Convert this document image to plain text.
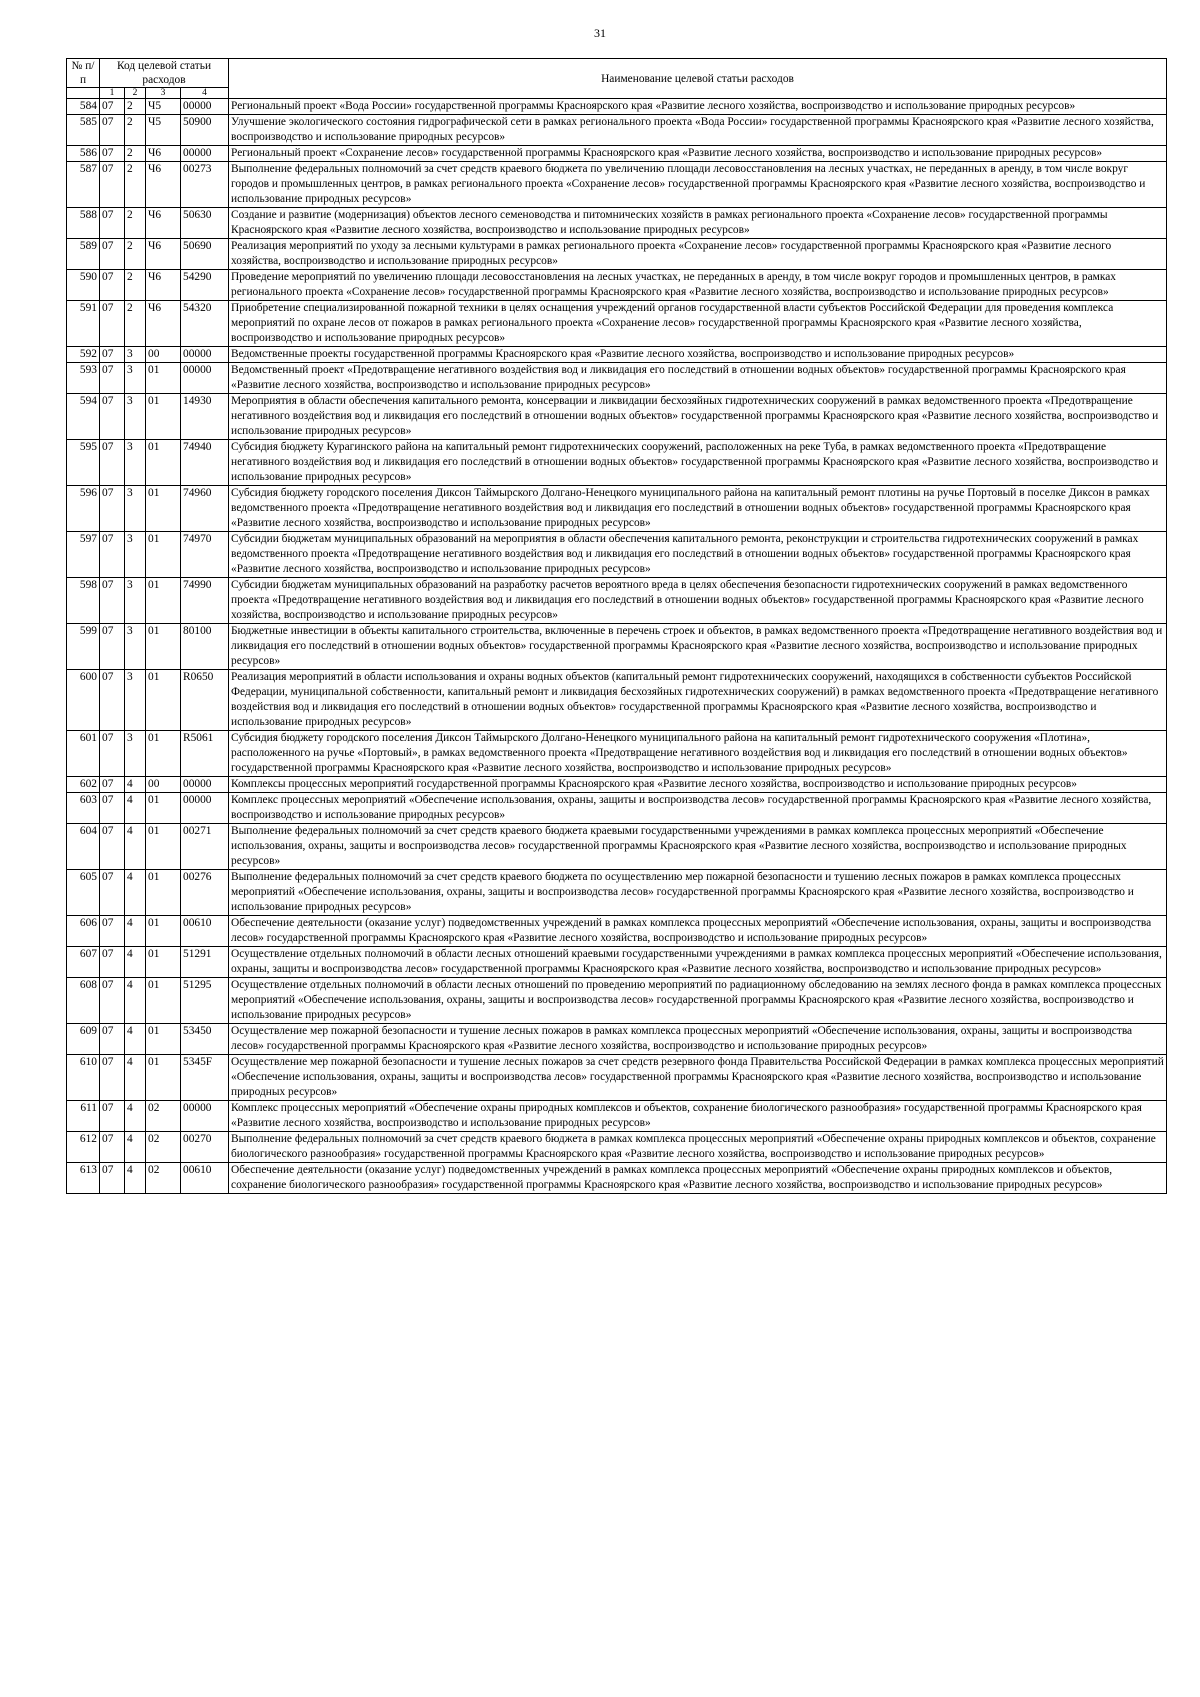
31
№ п/п	Код целевой статьи расходов				Наименование целевой статьи расходов
	1	2	3	4	
584	07	2	Ч5	00000	Региональный проект «Вода России» государственной программы Красноярского края «Развитие лесного хозяйства, воспроизводство и использование природных ресурсов»
585	07	2	Ч5	50900	Улучшение экологического состояния гидрографической сети в рамках регионального проекта «Вода России» государственной программы Красноярского края «Развитие лесного хозяйства, воспроизводство и использование природных ресурсов»
586	07	2	Ч6	00000	Региональный проект «Сохранение лесов» государственной программы Красноярского края «Развитие лесного хозяйства, воспроизводство и использование природных ресурсов»
587	07	2	Ч6	00273	Выполнение федеральных полномочий за счет средств краевого бюджета по увеличению площади лесовосстановления на лесных участках, не переданных в аренду, в том числе вокруг городов и промышленных центров, в рамках регионального проекта «Сохранение лесов» государственной программы Красноярского края «Развитие лесного хозяйства, воспроизводство и использование природных ресурсов»
588	07	2	Ч6	50630	Создание и развитие (модернизация) объектов лесного семеноводства и питомнических хозяйств в рамках регионального проекта «Сохранение лесов» государственной программы Красноярского края «Развитие лесного хозяйства, воспроизводство и использование природных ресурсов»
589	07	2	Ч6	50690	Реализация мероприятий по уходу за лесными культурами в рамках регионального проекта «Сохранение лесов» государственной программы Красноярского края «Развитие лесного хозяйства, воспроизводство и использование природных ресурсов»
590	07	2	Ч6	54290	Проведение мероприятий по увеличению площади лесовосстановления на лесных участках, не переданных в аренду, в том числе вокруг городов и промышленных центров, в рамках регионального проекта «Сохранение лесов» государственной программы Красноярского края «Развитие лесного хозяйства, воспроизводство и использование природных ресурсов»
591	07	2	Ч6	54320	Приобретение специализированной пожарной техники в целях оснащения учреждений органов государственной власти субъектов Российской Федерации для проведения комплекса мероприятий по охране лесов от пожаров в рамках регионального проекта «Сохранение лесов» государственной программы Красноярского края «Развитие лесного хозяйства, воспроизводство и использование природных ресурсов»
592	07	3	00	00000	Ведомственные проекты государственной программы Красноярского края «Развитие лесного хозяйства, воспроизводство и использование природных ресурсов»
593	07	3	01	00000	Ведомственный проект «Предотвращение негативного воздействия вод и ликвидация его последствий в отношении водных объектов» государственной программы Красноярского края «Развитие лесного хозяйства, воспроизводство и использование природных ресурсов»
594	07	3	01	14930	Мероприятия в области обеспечения капитального ремонта, консервации и ликвидации бесхозяйных гидротехнических сооружений в рамках ведомственного проекта «Предотвращение негативного воздействия вод и ликвидация его последствий в отношении водных объектов» государственной программы Красноярского края «Развитие лесного хозяйства, воспроизводство и использование природных ресурсов»
595	07	3	01	74940	Субсидия бюджету Курагинского района на капитальный ремонт гидротехнических сооружений, расположенных на реке Туба, в рамках ведомственного проекта «Предотвращение негативного воздействия вод и ликвидация его последствий в отношении водных объектов» государственной программы Красноярского края «Развитие лесного хозяйства, воспроизводство и использование природных ресурсов»
596	07	3	01	74960	Субсидия бюджету городского поселения Диксон Таймырского Долгано-Ненецкого муниципального района на капитальный ремонт плотины на ручье Портовый в поселке Диксон в рамках ведомственного проекта «Предотвращение негативного воздействия вод и ликвидация его последствий в отношении водных объектов» государственной программы Красноярского края «Развитие лесного хозяйства, воспроизводство и использование природных ресурсов»
597	07	3	01	74970	Субсидии бюджетам муниципальных образований на мероприятия в области обеспечения капитального ремонта, реконструкции и строительства гидротехнических сооружений в рамках ведомственного проекта «Предотвращение негативного воздействия вод и ликвидация его последствий в отношении водных объектов» государственной программы Красноярского края «Развитие лесного хозяйства, воспроизводство и использование природных ресурсов»
598	07	3	01	74990	Субсидии бюджетам муниципальных образований на разработку расчетов вероятного вреда в целях обеспечения безопасности гидротехнических сооружений в рамках ведомственного проекта «Предотвращение негативного воздействия вод и ликвидация его последствий в отношении водных объектов» государственной программы Красноярского края «Развитие лесного хозяйства, воспроизводство и использование природных ресурсов»
599	07	3	01	80100	Бюджетные инвестиции в объекты капитального строительства, включенные в перечень строек и объектов, в рамках ведомственного проекта «Предотвращение негативного воздействия вод и ликвидация его последствий в отношении водных объектов» государственной программы Красноярского края «Развитие лесного хозяйства, воспроизводство и использование природных ресурсов»
600	07	3	01	R0650	Реализация мероприятий в области использования и охраны водных объектов (капитальный ремонт гидротехнических сооружений, находящихся в собственности субъектов Российской Федерации, муниципальной собственности, капитальный ремонт и ликвидация бесхозяйных гидротехнических сооружений) в рамках ведомственного проекта «Предотвращение негативного воздействия вод и ликвидация его последствий в отношении водных объектов» государственной программы Красноярского края «Развитие лесного хозяйства, воспроизводство и использование природных ресурсов»
601	07	3	01	R5061	Субсидия бюджету городского поселения Диксон Таймырского Долгано-Ненецкого муниципального района на капитальный ремонт гидротехнического сооружения «Плотина», расположенного на ручье «Портовый», в рамках ведомственного проекта «Предотвращение негативного воздействия вод и ликвидация его последствий в отношении водных объектов» государственной программы Красноярского края «Развитие лесного хозяйства, воспроизводство и использование природных ресурсов»
602	07	4	00	00000	Комплексы процессных мероприятий государственной программы Красноярского края «Развитие лесного хозяйства, воспроизводство и использование природных ресурсов»
603	07	4	01	00000	Комплекс процессных мероприятий «Обеспечение использования, охраны, защиты и воспроизводства лесов» государственной программы Красноярского края «Развитие лесного хозяйства, воспроизводство и использование природных ресурсов»
604	07	4	01	00271	Выполнение федеральных полномочий за счет средств краевого бюджета краевыми государственными учреждениями в рамках комплекса процессных мероприятий «Обеспечение использования, охраны, защиты и воспроизводства лесов» государственной программы Красноярского края «Развитие лесного хозяйства, воспроизводство и использование природных ресурсов»
605	07	4	01	00276	Выполнение федеральных полномочий за счет средств краевого бюджета по осуществлению мер пожарной безопасности и тушению лесных пожаров в рамках комплекса процессных мероприятий «Обеспечение использования, охраны, защиты и воспроизводства лесов» государственной программы Красноярского края «Развитие лесного хозяйства, воспроизводство и использование природных ресурсов»
606	07	4	01	00610	Обеспечение деятельности (оказание услуг) подведомственных учреждений в рамках комплекса процессных мероприятий «Обеспечение использования, охраны, защиты и воспроизводства лесов» государственной программы Красноярского края «Развитие лесного хозяйства, воспроизводство и использование природных ресурсов»
607	07	4	01	51291	Осуществление отдельных полномочий в области лесных отношений краевыми государственными учреждениями в рамках комплекса процессных мероприятий «Обеспечение использования, охраны, защиты и воспроизводства лесов» государственной программы Красноярского края «Развитие лесного хозяйства, воспроизводство и использование природных ресурсов»
608	07	4	01	51295	Осуществление отдельных полномочий в области лесных отношений по проведению мероприятий по радиационному обследованию на землях лесного фонда в рамках комплекса процессных мероприятий «Обеспечение использования, охраны, защиты и воспроизводства лесов» государственной программы Красноярского края «Развитие лесного хозяйства, воспроизводство и использование природных ресурсов»
609	07	4	01	53450	Осуществление мер пожарной безопасности и тушение лесных пожаров в рамках комплекса процессных мероприятий «Обеспечение использования, охраны, защиты и воспроизводства лесов» государственной программы Красноярского края «Развитие лесного хозяйства, воспроизводство и использование природных ресурсов»
610	07	4	01	5345F	Осуществление мер пожарной безопасности и тушение лесных пожаров за счет средств резервного фонда Правительства Российской Федерации в рамках комплекса процессных мероприятий «Обеспечение использования, охраны, защиты и воспроизводства лесов» государственной программы Красноярского края «Развитие лесного хозяйства, воспроизводство и использование природных ресурсов»
611	07	4	02	00000	Комплекс процессных мероприятий «Обеспечение охраны природных комплексов и объектов, сохранение биологического разнообразия» государственной программы Красноярского края «Развитие лесного хозяйства, воспроизводство и использование природных ресурсов»
612	07	4	02	00270	Выполнение федеральных полномочий за счет средств краевого бюджета в рамках комплекса процессных мероприятий «Обеспечение охраны природных комплексов и объектов, сохранение биологического разнообразия» государственной программы Красноярского края «Развитие лесного хозяйства, воспроизводство и использование природных ресурсов»
613	07	4	02	00610	Обеспечение деятельности (оказание услуг) подведомственных учреждений в рамках комплекса процессных мероприятий «Обеспечение охраны природных комплексов и объектов, сохранение биологического разнообразия» государственной программы Красноярского края «Развитие лесного хозяйства, воспроизводство и использование природных ресурсов»
